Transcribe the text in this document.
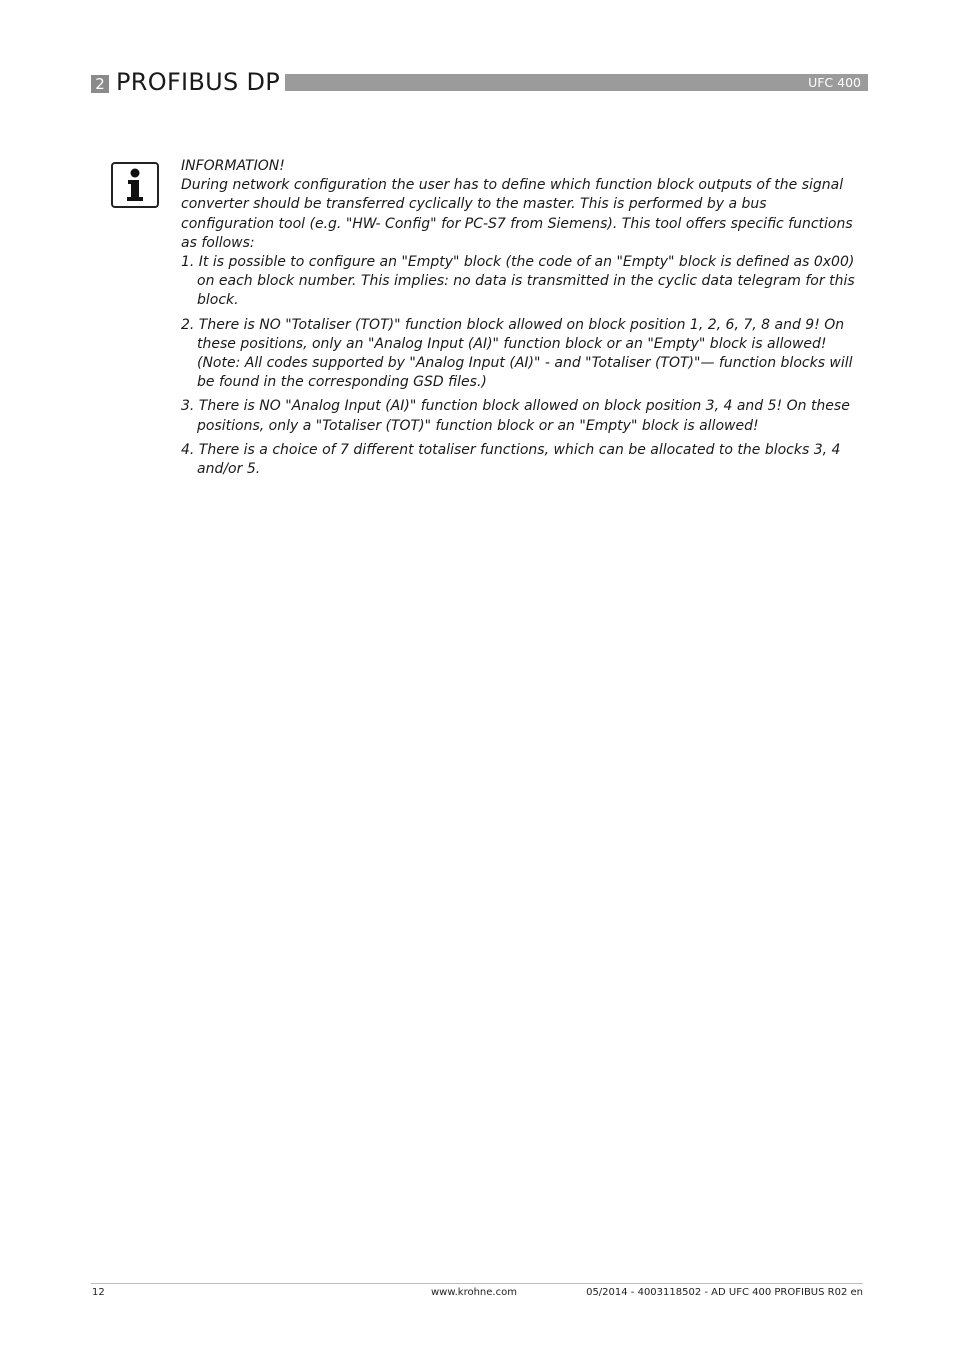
2 PROFIBUS DP	UFC 400

INFORMATION!

During network configuration the user has to define which function block outputs of the signal converter should be transferred cyclically to the master. This is performed by a bus configuration tool (e.g. "HW- Config" for PC-S7 from Siemens). This tool offers specific functions as follows:

1. It is possible to configure an "Empty" block (the code of an "Empty" block is defined as 0x00) on each block number. This implies: no data is transmitted in the cyclic data telegram for this block.
2. There is NO "Totaliser (TOT)" function block allowed on block position 1, 2, 6, 7, 8 and 9! On these positions, only an "Analog Input (AI)" function block or an "Empty" block is allowed! (Note: All codes supported by "Analog Input (AI)" - and "Totaliser (TOT)"— function blocks will be found in the corresponding GSD files.)
3. There is NO "Analog Input (AI)" function block allowed on block position 3, 4 and 5! On these positions, only a "Totaliser (TOT)" function block or an "Empty" block is allowed!
4. There is a choice of 7 different totaliser functions, which can be allocated to the blocks 3, 4 and/or 5.
12	www.krohne.com	05/2014 - 4003118502 - AD UFC 400 PROFIBUS R02 en
